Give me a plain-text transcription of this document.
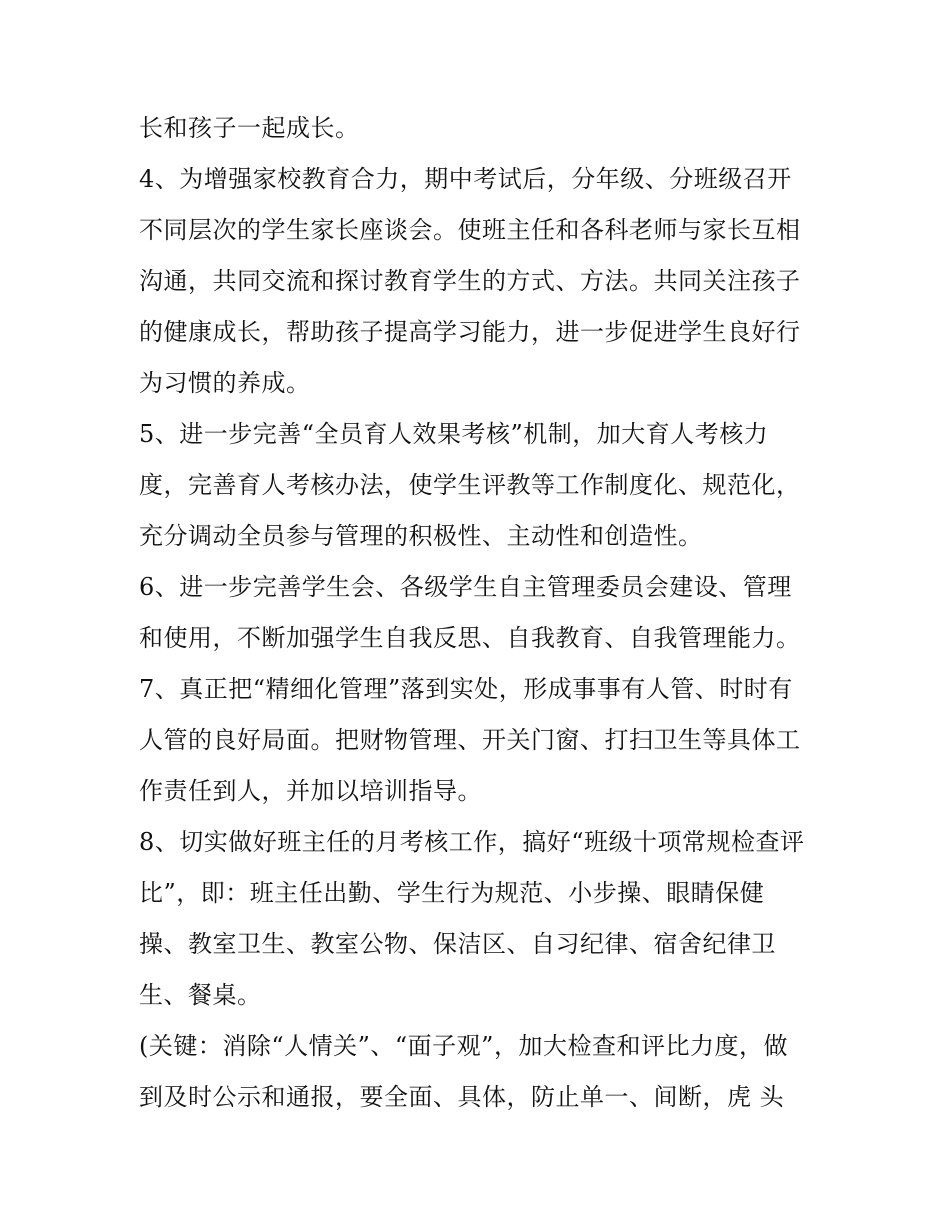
长和孩子一起成长。
4、为增强家校教育合力，期中考试后，分年级、分班级召开
不同层次的学生家长座谈会。使班主任和各科老师与家长互相
沟通，共同交流和探讨教育学生的方式、方法。共同关注孩子
的健康成长，帮助孩子提高学习能力，进一步促进学生良好行
为习惯的养成。
5、进一步完善“全员育人效果考核”机制，加大育人考核力
度，完善育人考核办法，使学生评教等工作制度化、规范化，
充分调动全员参与管理的积极性、主动性和创造性。
6、进一步完善学生会、各级学生自主管理委员会建设、管理
和使用，不断加强学生自我反思、自我教育、自我管理能力。
7、真正把“精细化管理”落到实处，形成事事有人管、时时有
人管的良好局面。把财物管理、开关门窗、打扫卫生等具体工
作责任到人，并加以培训指导。
8、切实做好班主任的月考核工作，搞好“班级十项常规检查评
比”，即：班主任出勤、学生行为规范、小步操、眼睛保健
操、教室卫生、教室公物、保洁区、自习纪律、宿舍纪律卫
生、餐桌。
(关键：消除“人情关”、“面子观”，加大检查和评比力度，做
到及时公示和通报，要全面、具体，防止单一、间断，虎 头
